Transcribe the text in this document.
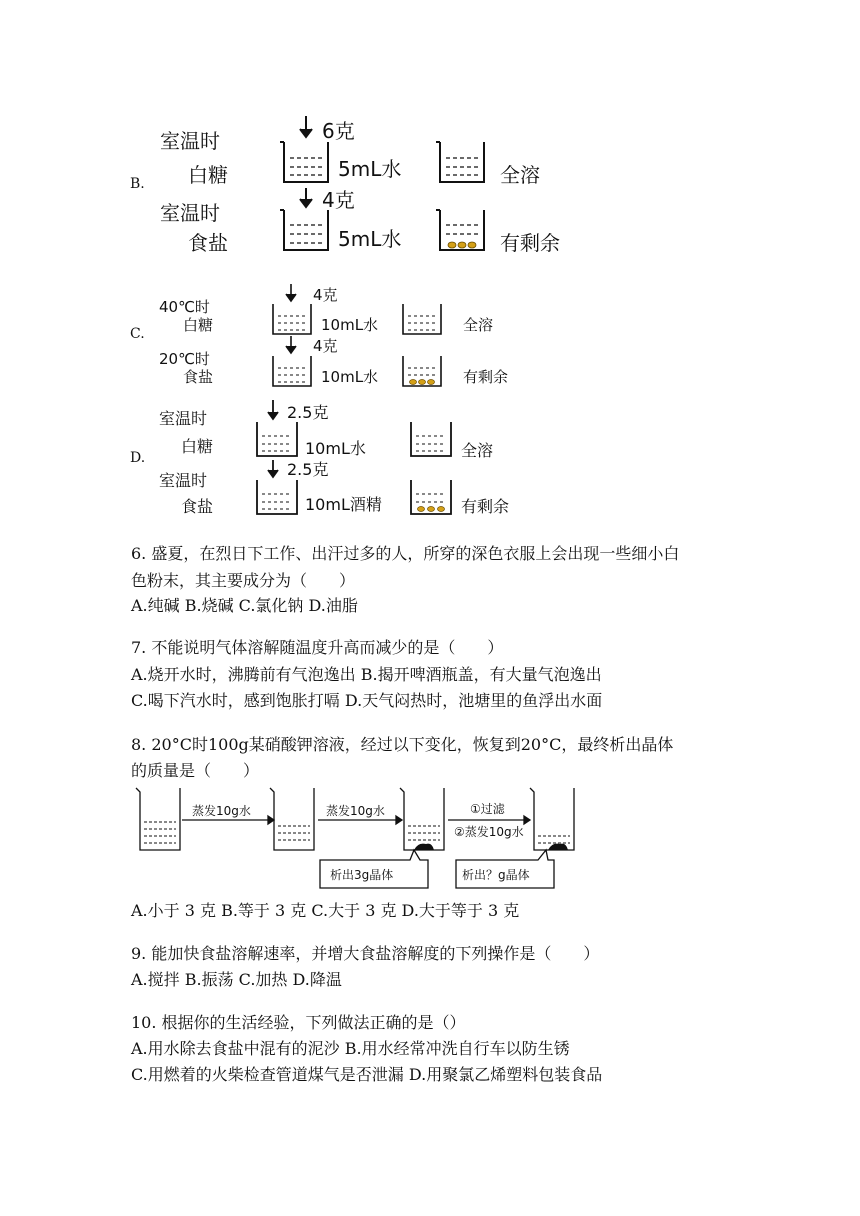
B.
室温时
白糖
6克
5mL水	全溶
室温时
食盐
4克
5mL水	有剩余
C.
40℃时
白糖
4克
10mL水	全溶
20℃时
食盐
4克
10mL水	有剩余
D.
室温时
白糖
2.5克
10mL水	全溶
室温时
食盐
2.5克
10mL酒精	有剩余
6. 盛夏，在烈日下工作、出汗过多的人，所穿的深色衣服上会出现一些细小白
色粉末，其主要成分为（　　）
A.纯碱 B.烧碱 C.氯化钠 D.油脂
7. 不能说明气体溶解随温度升高而减少的是（　　）
A.烧开水时，沸腾前有气泡逸出 B.揭开啤酒瓶盖，有大量气泡逸出
C.喝下汽水时，感到饱胀打嗝 D.天气闷热时，池塘里的鱼浮出水面
8. 20°C时100g某硝酸钾溶液，经过以下变化，恢复到20°C，最终析出晶体
的质量是（　　）
蒸发10g水	蒸发10g水	①过滤
②蒸发10g水
析出3g晶体	析出？g晶体
A.小于 3 克 B.等于 3 克 C.大于 3 克 D.大于等于 3 克
9. 能加快食盐溶解速率，并增大食盐溶解度的下列操作是（　　）
A.搅拌 B.振荡 C.加热 D.降温
10. 根据你的生活经验，下列做法正确的是（）
A.用水除去食盐中混有的泥沙 B.用水经常冲洗自行车以防生锈
C.用燃着的火柴检查管道煤气是否泄漏 D.用聚氯乙烯塑料包装食品
